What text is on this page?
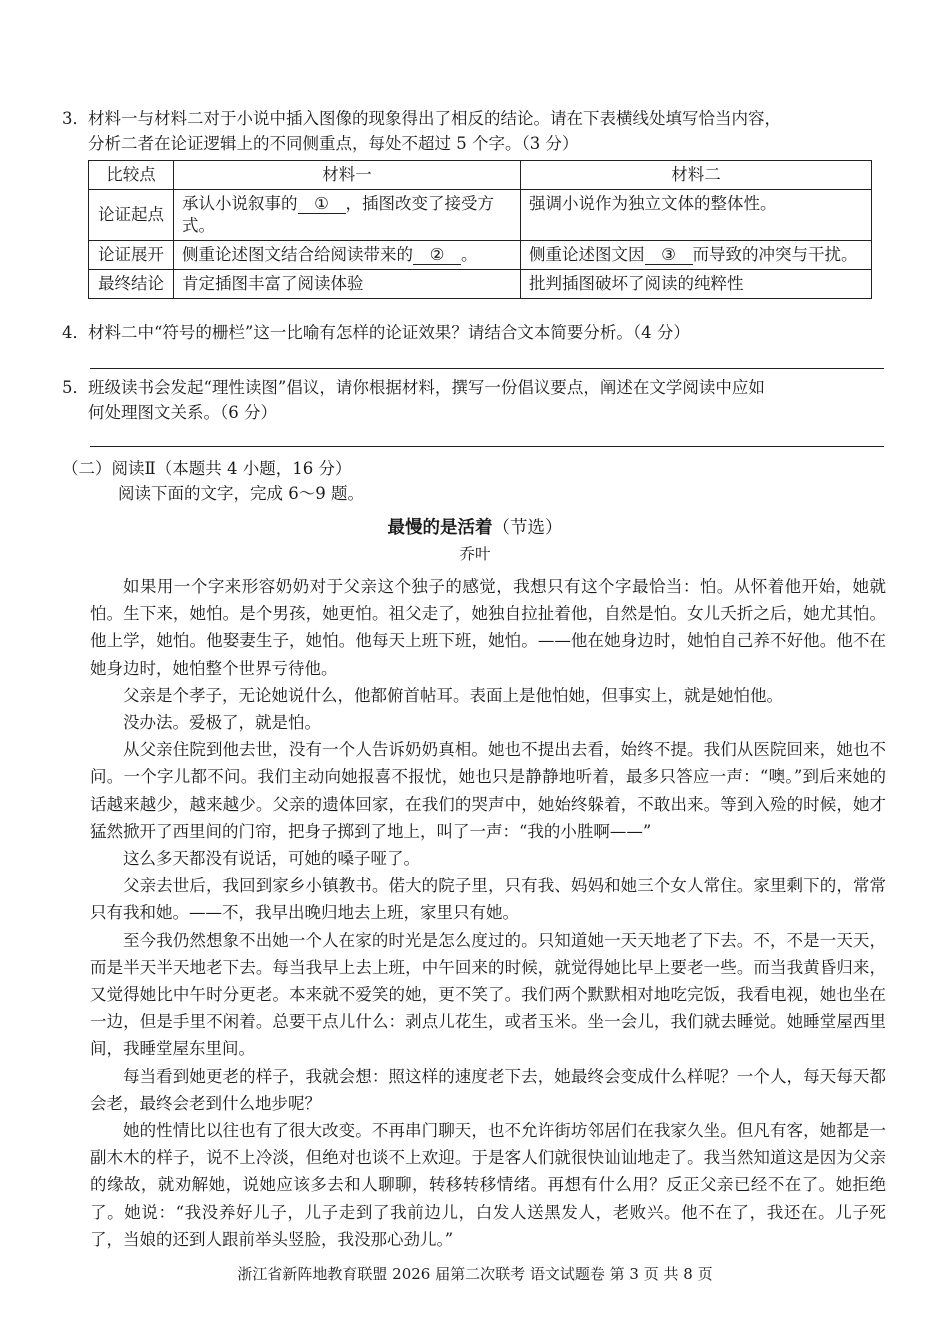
3．材料一与材料二对于小说中插入图像的现象得出了相反的结论。请在下表横线处填写恰当内容，
分析二者在论证逻辑上的不同侧重点，每处不超过 5 个字。（3 分）
比较点	材料一	材料二
论证起点	承认小说叙事的 ① ，插图改变了接受方式。	强调小说作为独立文体的整体性。
论证展开	侧重论述图文结合给阅读带来的 ② 。	侧重论述图文因 ③ 而导致的冲突与干扰。
最终结论	肯定插图丰富了阅读体验	批判插图破坏了阅读的纯粹性
4．材料二中“符号的栅栏”这一比喻有怎样的论证效果？请结合文本简要分析。（4 分）
5．班级读书会发起“理性读图”倡议，请你根据材料，撰写一份倡议要点，阐述在文学阅读中应如
何处理图文关系。（6 分）
（二）阅读Ⅱ（本题共 4 小题，16 分）
阅读下面的文字，完成 6～9 题。
最慢的是活着（节选）
乔叶

如果用一个字来形容奶奶对于父亲这个独子的感觉，我想只有这个字最恰当：怕。从怀着他开始，她就怕。生下来，她怕。是个男孩，她更怕。祖父走了，她独自拉扯着他，自然是怕。女儿夭折之后，她尤其怕。他上学，她怕。他娶妻生子，她怕。他每天上班下班，她怕。——他在她身边时，她怕自己养不好他。他不在她身边时，她怕整个世界亏待他。

父亲是个孝子，无论她说什么，他都俯首帖耳。表面上是他怕她，但事实上，就是她怕他。

没办法。爱极了，就是怕。

从父亲住院到他去世，没有一个人告诉奶奶真相。她也不提出去看，始终不提。我们从医院回来，她也不问。一个字儿都不问。我们主动向她报喜不报忧，她也只是静静地听着，最多只答应一声：“噢。”到后来她的话越来越少，越来越少。父亲的遗体回家，在我们的哭声中，她始终躲着，不敢出来。等到入殓的时候，她才猛然掀开了西里间的门帘，把身子掷到了地上，叫了一声：“我的小胜啊——”

这么多天都没有说话，可她的嗓子哑了。

父亲去世后，我回到家乡小镇教书。偌大的院子里，只有我、妈妈和她三个女人常住。家里剩下的，常常只有我和她。——不，我早出晚归地去上班，家里只有她。

至今我仍然想象不出她一个人在家的时光是怎么度过的。只知道她一天天地老了下去。不，不是一天天，而是半天半天地老下去。每当我早上去上班，中午回来的时候，就觉得她比早上要老一些。而当我黄昏归来，又觉得她比中午时分更老。本来就不爱笑的她，更不笑了。我们两个默默相对地吃完饭，我看电视，她也坐在一边，但是手里不闲着。总要干点儿什么：剥点儿花生，或者玉米。坐一会儿，我们就去睡觉。她睡堂屋西里间，我睡堂屋东里间。

每当看到她更老的样子，我就会想：照这样的速度老下去，她最终会变成什么样呢？一个人，每天每天都会老，最终会老到什么地步呢？

她的性情比以往也有了很大改变。不再串门聊天，也不允许街坊邻居们在我家久坐。但凡有客，她都是一副木木的样子，说不上冷淡，但绝对也谈不上欢迎。于是客人们就很快讪讪地走了。我当然知道这是因为父亲的缘故，就劝解她，说她应该多去和人聊聊，转移转移情绪。再想有什么用？反正父亲已经不在了。她拒绝了。她说：“我没养好儿子，儿子走到了我前边儿，白发人送黑发人，老败兴。他不在了，我还在。儿子死了，当娘的还到人跟前举头竖脸，我没那心劲儿。”

浙江省新阵地教育联盟 2026 届第二次联考 语文试题卷 第 3 页 共 8 页
